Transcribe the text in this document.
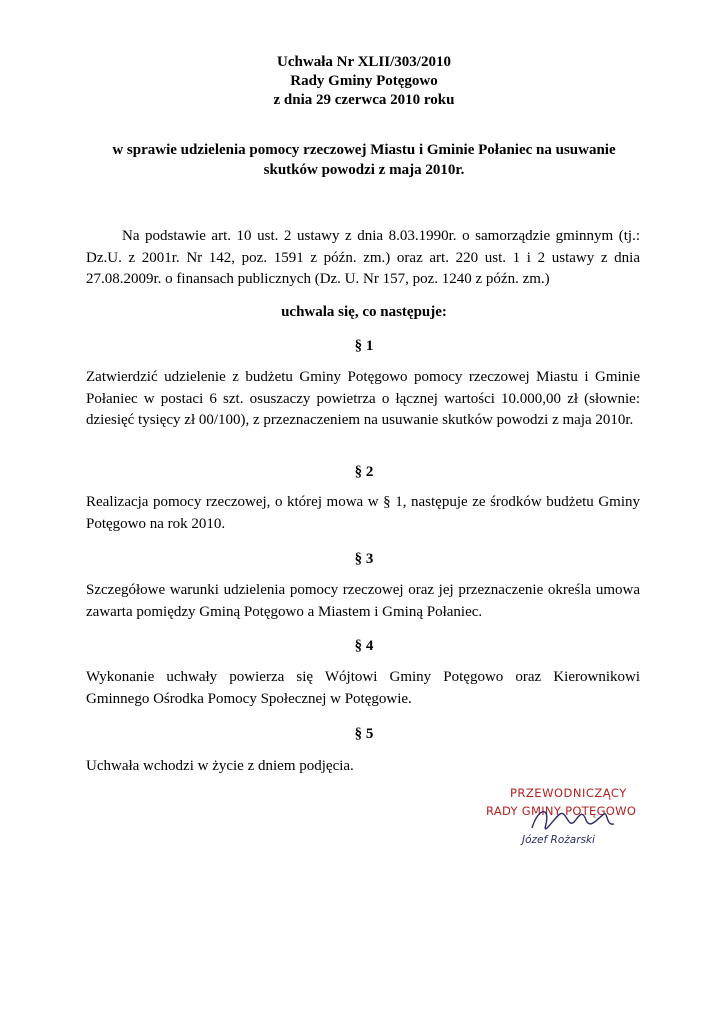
Uchwała Nr XLII/303/2010
Rady Gminy Potęgowo
z dnia 29 czerwca 2010 roku
w sprawie udzielenia pomocy rzeczowej Miastu i Gminie Połaniec na usuwanie
skutków powodzi z maja 2010r.
Na podstawie art. 10 ust. 2 ustawy z dnia 8.03.1990r. o samorządzie gminnym (tj.: Dz.U. z 2001r. Nr 142, poz. 1591 z późn. zm.) oraz art. 220 ust. 1 i 2 ustawy z dnia 27.08.2009r. o finansach publicznych (Dz. U. Nr 157, poz. 1240 z późn. zm.)
uchwala się, co następuje:
§ 1
Zatwierdzić udzielenie z budżetu Gminy Potęgowo pomocy rzeczowej Miastu i Gminie Połaniec w postaci 6 szt. osuszaczy powietrza o łącznej wartości 10.000,00 zł (słownie: dziesięć tysięcy zł 00/100), z przeznaczeniem na usuwanie skutków powodzi z maja 2010r.
§ 2
Realizacja pomocy rzeczowej, o której mowa w § 1, następuje ze środków budżetu Gminy Potęgowo na rok 2010.
§ 3
Szczegółowe warunki udzielenia pomocy rzeczowej oraz jej przeznaczenie określa umowa zawarta pomiędzy Gminą Potęgowo a Miastem i Gminą Połaniec.
§ 4
Wykonanie uchwały powierza się Wójtowi Gminy Potęgowo oraz Kierownikowi Gminnego Ośrodka Pomocy Społecznej w Potęgowie.
§ 5
Uchwała wchodzi w życie z dniem podjęcia.
PRZEWODNICZĄCY
RADY GMINY POTĘGOWO
Józef Rożarski
